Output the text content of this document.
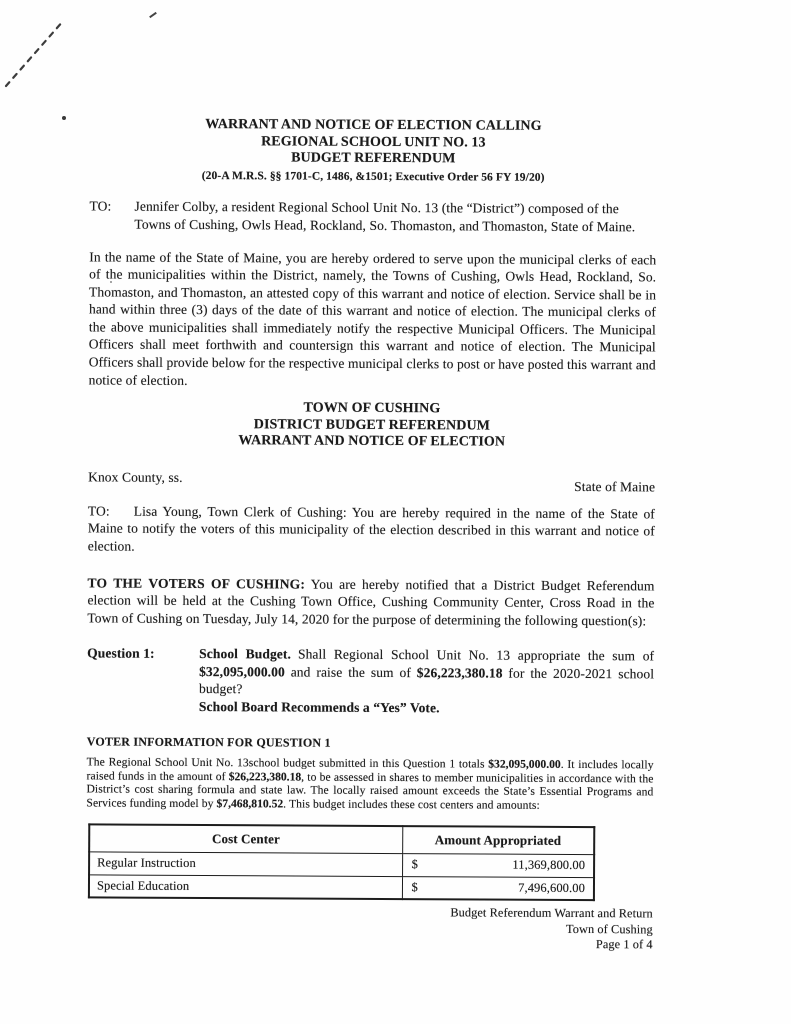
WARRANT AND NOTICE OF ELECTION CALLING
REGIONAL SCHOOL UNIT NO. 13
BUDGET REFERENDUM
(20-A M.R.S. §§ 1701-C, 1486, &1501; Executive Order 56 FY 19/20)
TO: Jennifer Colby, a resident Regional School Unit No. 13 (the “District”) composed of the Towns of Cushing, Owls Head, Rockland, So. Thomaston, and Thomaston, State of Maine.

In the name of the State of Maine, you are hereby ordered to serve upon the municipal clerks of each of the municipalities within the District, namely, the Towns of Cushing, Owls Head, Rockland, So. Thomaston, and Thomaston, an attested copy of this warrant and notice of election. Service shall be in hand within three (3) days of the date of this warrant and notice of election. The municipal clerks of the above municipalities shall immediately notify the respective Municipal Officers. The Municipal Officers shall meet forthwith and countersign this warrant and notice of election. The Municipal Officers shall provide below for the respective municipal clerks to post or have posted this warrant and notice of election.

TOWN OF CUSHING
DISTRICT BUDGET REFERENDUM
WARRANT AND NOTICE OF ELECTION
Knox County, ss.
State of Maine

TO: Lisa Young, Town Clerk of Cushing: You are hereby required in the name of the State of Maine to notify the voters of this municipality of the election described in this warrant and notice of election.

TO THE VOTERS OF CUSHING: You are hereby notified that a District Budget Referendum election will be held at the Cushing Town Office, Cushing Community Center, Cross Road in the Town of Cushing on Tuesday, July 14, 2020 for the purpose of determining the following question(s):

Question 1:	School Budget. Shall Regional School Unit No. 13 appropriate the sum of $32,095,000.00 and raise the sum of $26,223,380.18 for the 2020-2021 school budget?

School Board Recommends a “Yes” Vote.

VOTER INFORMATION FOR QUESTION 1

The Regional School Unit No. 13school budget submitted in this Question 1 totals $32,095,000.00. It includes locally raised funds in the amount of $26,223,380.18, to be assessed in shares to member municipalities in accordance with the District’s cost sharing formula and state law. The locally raised amount exceeds the State’s Essential Programs and Services funding model by $7,468,810.52. This budget includes these cost centers and amounts:

Cost Center	Amount Appropriated
Regular Instruction	$ 11,369,800.00

Special Education	$ 7,496,600.00
Budget Referendum Warrant and Return
Town of Cushing
Page 1 of 4
